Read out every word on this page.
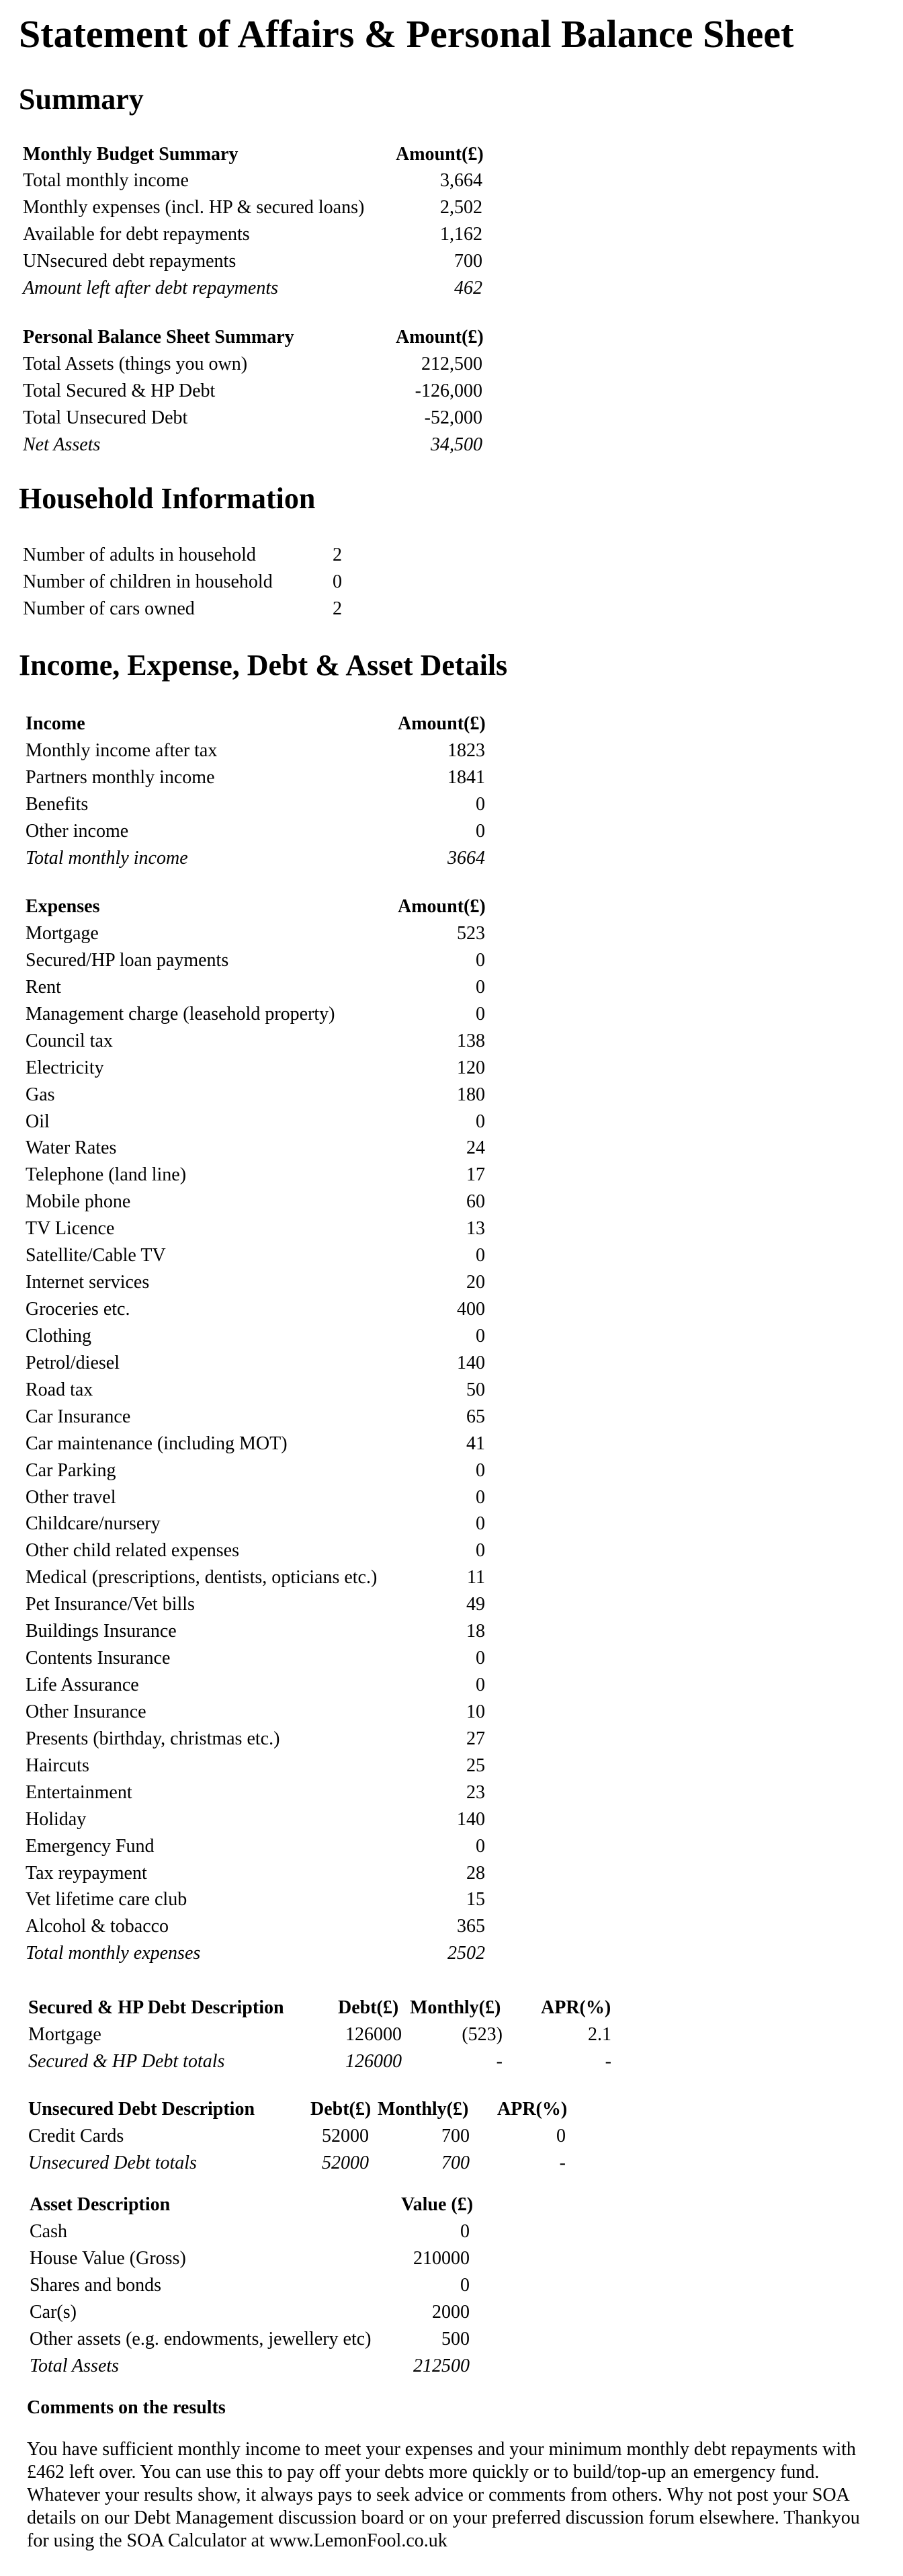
Statement of Affairs & Personal Balance Sheet
Summary
Monthly Budget Summary	Amount(£)
Total monthly income	3,664
Monthly expenses (incl. HP & secured loans)	2,502
Available for debt repayments	1,162
UNsecured debt repayments	700
Amount left after debt repayments	462
Personal Balance Sheet Summary	Amount(£)
Total Assets (things you own)	212,500
Total Secured & HP Debt	-126,000
Total Unsecured Debt	-52,000
Net Assets	34,500
Household Information
Number of adults in household	2
Number of children in household	0
Number of cars owned	2
Income, Expense, Debt & Asset Details
Income	Amount(£)
Monthly income after tax	1823
Partners monthly income	1841
Benefits	0
Other income	0
Total monthly income	3664
Expenses	Amount(£)
Mortgage	523
Secured/HP loan payments	0
Rent	0
Management charge (leasehold property)	0
Council tax	138
Electricity	120
Gas	180
Oil	0
Water Rates	24
Telephone (land line)	17
Mobile phone	60
TV Licence	13
Satellite/Cable TV	0
Internet services	20
Groceries etc.	400
Clothing	0
Petrol/diesel	140
Road tax	50
Car Insurance	65
Car maintenance (including MOT)	41
Car Parking	0
Other travel	0
Childcare/nursery	0
Other child related expenses	0
Medical (prescriptions, dentists, opticians etc.)	11
Pet Insurance/Vet bills	49
Buildings Insurance	18
Contents Insurance	0
Life Assurance	0
Other Insurance	10
Presents (birthday, christmas etc.)	27
Haircuts	25
Entertainment	23
Holiday	140
Emergency Fund	0
Tax reypayment	28
Vet lifetime care club	15
Alcohol & tobacco	365
Total monthly expenses	2502
Secured & HP Debt Description	Debt(£) Monthly(£) APR(%)
Mortgage	126000	(523)	2.1
Secured & HP Debt totals	126000	-	-
Unsecured Debt Description	Debt(£) Monthly(£) APR(%)
Credit Cards	52000	700	0
Unsecured Debt totals	52000	700	-
Asset Description	Value (£)
Cash	0
House Value (Gross)	210000
Shares and bonds	0
Car(s)	2000
Other assets (e.g. endowments, jewellery etc)	500
Total Assets	212500
Comments on the results

You have sufficient monthly income to meet your expenses and your minimum monthly debt repayments with £462 left over. You can use this to pay off your debts more quickly or to build/top-up an emergency fund. Whatever your results show, it always pays to seek advice or comments from others. Why not post your SOA details on our Debt Management discussion board or on your preferred discussion forum elsewhere. Thankyou for using the SOA Calculator at www.LemonFool.co.uk
